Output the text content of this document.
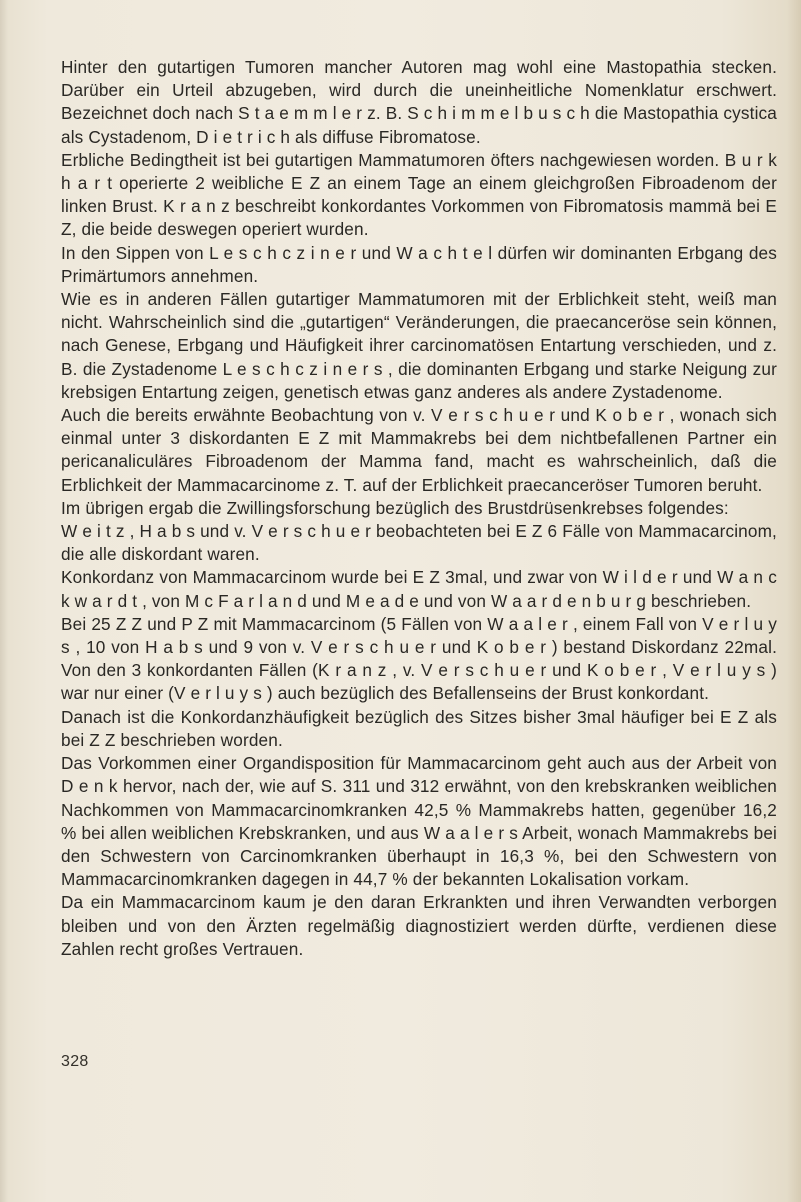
Hinter den gutartigen Tumoren mancher Autoren mag wohl eine Mastopathia stecken. Darüber ein Urteil abzugeben, wird durch die uneinheitliche Nomenklatur erschwert. Bezeichnet doch nach S t a e m m l e r z. B. S c h i m m e l b u s c h die Mastopathia cystica als Cystadenom, D i e t r i c h als diffuse Fibromatose.

Erbliche Bedingtheit ist bei gutartigen Mammatumoren öfters nachgewiesen worden. B u r k h a r t operierte 2 weibliche E Z an einem Tage an einem gleichgroßen Fibroadenom der linken Brust. K r a n z beschreibt konkordantes Vorkommen von Fibromatosis mammä bei E Z, die beide deswegen operiert wurden.

In den Sippen von L e s c h c z i n e r und W a c h t e l dürfen wir dominanten Erbgang des Primärtumors annehmen.

Wie es in anderen Fällen gutartiger Mammatumoren mit der Erblichkeit steht, weiß man nicht. Wahrscheinlich sind die „gutartigen“ Veränderungen, die praecanceröse sein können, nach Genese, Erbgang und Häufigkeit ihrer carcinomatösen Entartung verschieden, und z. B. die Zystadenome L e s c h c z i n e r s , die dominanten Erbgang und starke Neigung zur krebsigen Entartung zeigen, genetisch etwas ganz anderes als andere Zystadenome.

Auch die bereits erwähnte Beobachtung von v. V e r s c h u e r und K o b e r , wonach sich einmal unter 3 diskordanten E Z mit Mammakrebs bei dem nichtbefallenen Partner ein pericanaliculäres Fibroadenom der Mamma fand, macht es wahrscheinlich, daß die Erblichkeit der Mammacarcinome z. T. auf der Erblichkeit praecanceröser Tumoren beruht.

Im übrigen ergab die Zwillingsforschung bezüglich des Brustdrüsenkrebses folgendes:

W e i t z , H a b s und v. V e r s c h u e r beobachteten bei E Z 6 Fälle von Mammacarcinom, die alle diskordant waren.

Konkordanz von Mammacarcinom wurde bei E Z 3mal, und zwar von W i l d e r und W a n c k w a r d t , von M c F a r l a n d und M e a d e und von W a a r d e n b u r g beschrieben.

Bei 25 Z Z und P Z mit Mammacarcinom (5 Fällen von W a a l e r , einem Fall von V e r l u y s , 10 von H a b s und 9 von v. V e r s c h u e r und K o b e r ) bestand Diskordanz 22mal. Von den 3 konkordanten Fällen (K r a n z , v. V e r s c h u e r und K o b e r , V e r l u y s ) war nur einer (V e r l u y s ) auch bezüglich des Befallenseins der Brust konkordant.

Danach ist die Konkordanzhäufigkeit bezüglich des Sitzes bisher 3mal häufiger bei E Z als bei Z Z beschrieben worden.

Das Vorkommen einer Organdisposition für Mammacarcinom geht auch aus der Arbeit von D e n k hervor, nach der, wie auf S. 311 und 312 erwähnt, von den krebskranken weiblichen Nachkommen von Mammacarcinomkranken 42,5 % Mammakrebs hatten, gegenüber 16,2 % bei allen weiblichen Krebskranken, und aus W a a l e r s Arbeit, wonach Mammakrebs bei den Schwestern von Carcinomkranken überhaupt in 16,3 %, bei den Schwestern von Mammacarcinomkranken dagegen in 44,7 % der bekannten Lokalisation vorkam.

Da ein Mammacarcinom kaum je den daran Erkrankten und ihren Verwandten verborgen bleiben und von den Ärzten regelmäßig diagnostiziert werden dürfte, verdienen diese Zahlen recht großes Vertrauen.

328
